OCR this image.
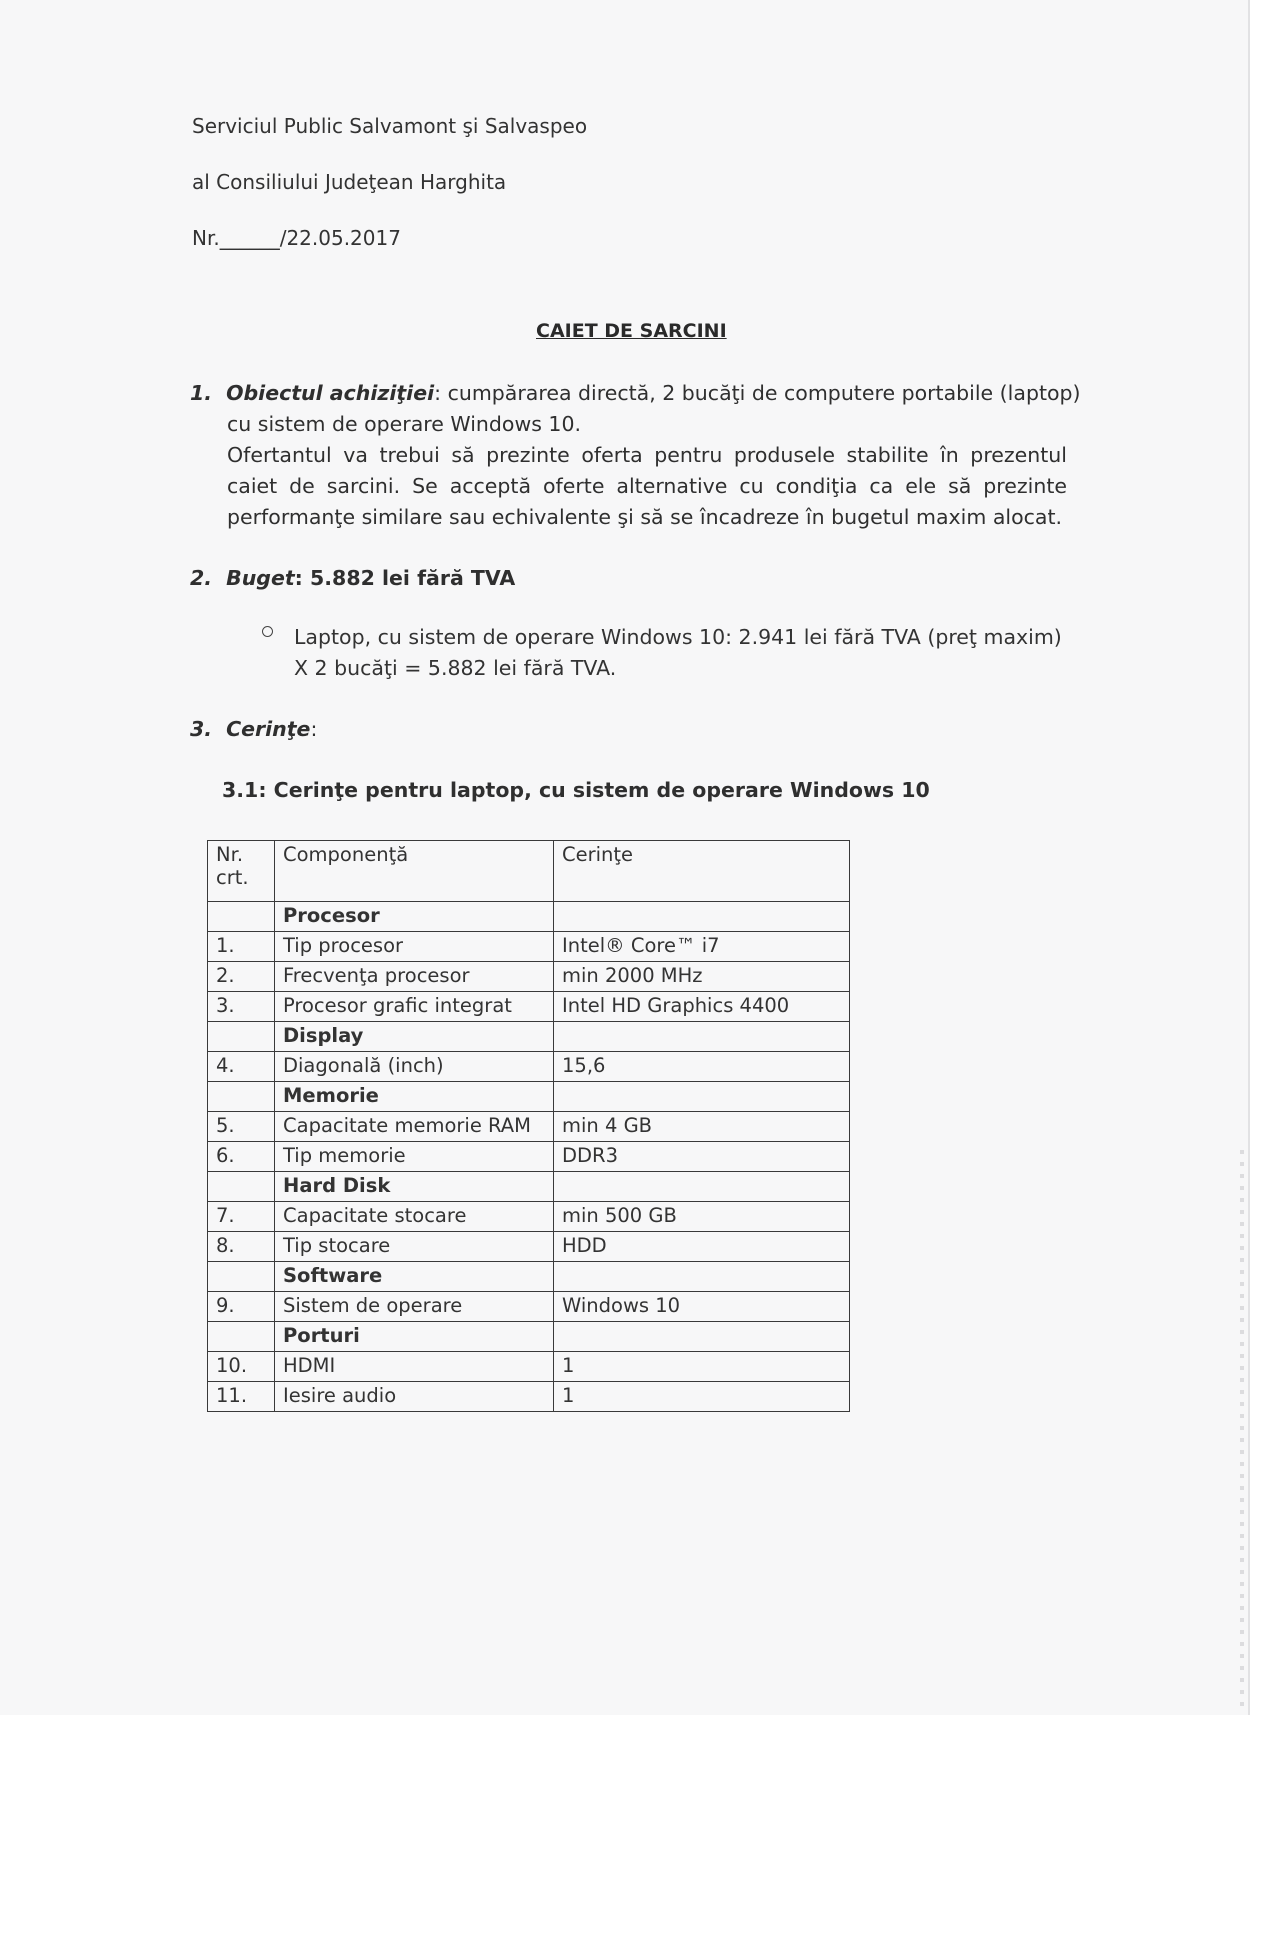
Serviciul Public Salvamont şi Salvaspeo
al Consiliului Judeţean Harghita
Nr.______/22.05.2017
CAIET DE SARCINI
1. Obiectul achiziţiei: cumpărarea directă, 2 bucăţi de computere portabile (laptop)
cu sistem de operare Windows 10.
Ofertantul va trebui să prezinte oferta pentru produsele stabilite în prezentul caiet de sarcini. Se acceptă oferte alternative cu condiţia ca ele să prezinte performanţe similare sau echivalente şi să se încadreze în bugetul maxim alocat.
2. Buget: 5.882 lei fără TVA
Laptop, cu sistem de operare Windows 10: 2.941 lei fără TVA (preţ maxim)
X 2 bucăţi = 5.882 lei fără TVA.
3. Cerinţe:
3.1: Cerinţe pentru laptop, cu sistem de operare Windows 10
Nr. crt.	Componenţă	Cerinţe
	Procesor	
1.	Tip procesor	Intel® Core™ i7
2.	Frecvenţa procesor	min 2000 MHz
3.	Procesor grafic integrat	Intel HD Graphics 4400
	Display	
4.	Diagonală (inch)	15,6
	Memorie	
5.	Capacitate memorie RAM	min 4 GB
6.	Tip memorie	DDR3
	Hard Disk	
7.	Capacitate stocare	min 500 GB
8.	Tip stocare	HDD
	Software	
9.	Sistem de operare	Windows 10
	Porturi	
10.	HDMI	1
11.	Iesire audio	1
